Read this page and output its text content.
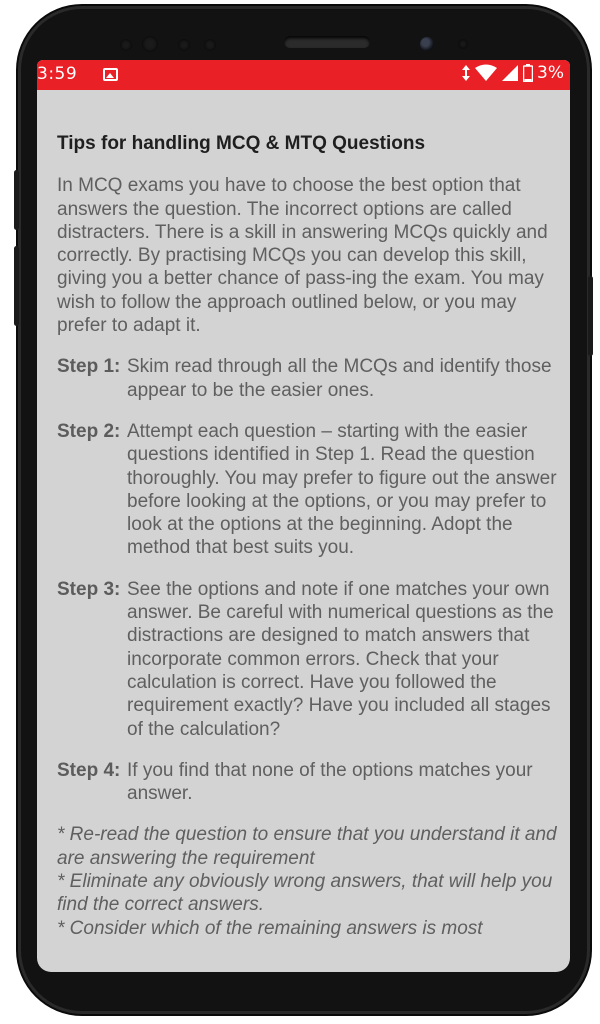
3:59	3%
Tips for handling MCQ & MTQ Questions
In MCQ exams you have to choose the best option that answers the question. The incorrect options are called distracters. There is a skill in answering MCQs quickly and correctly. By practising MCQs you can develop this skill, giving you a better chance of pass-ing the exam. You may wish to follow the approach outlined below, or you may prefer to adapt it.
Step 1: Skim read through all the MCQs and identify those appear to be the easier ones.
Step 2: Attempt each question – starting with the easier questions identified in Step 1. Read the question thoroughly. You may prefer to figure out the answer before looking at the options, or you may prefer to look at the options at the beginning. Adopt the method that best suits you.
Step 3: See the options and note if one matches your own answer. Be careful with numerical questions as the distractions are designed to match answers that incorporate common errors. Check that your calculation is correct. Have you followed the requirement exactly? Have you included all stages of the calculation?
Step 4: If you find that none of the options matches your answer.

* Re-read the question to ensure that you understand it and are answering the requirement

* Eliminate any obviously wrong answers, that will help you find the correct answers.

* Consider which of the remaining answers is most
